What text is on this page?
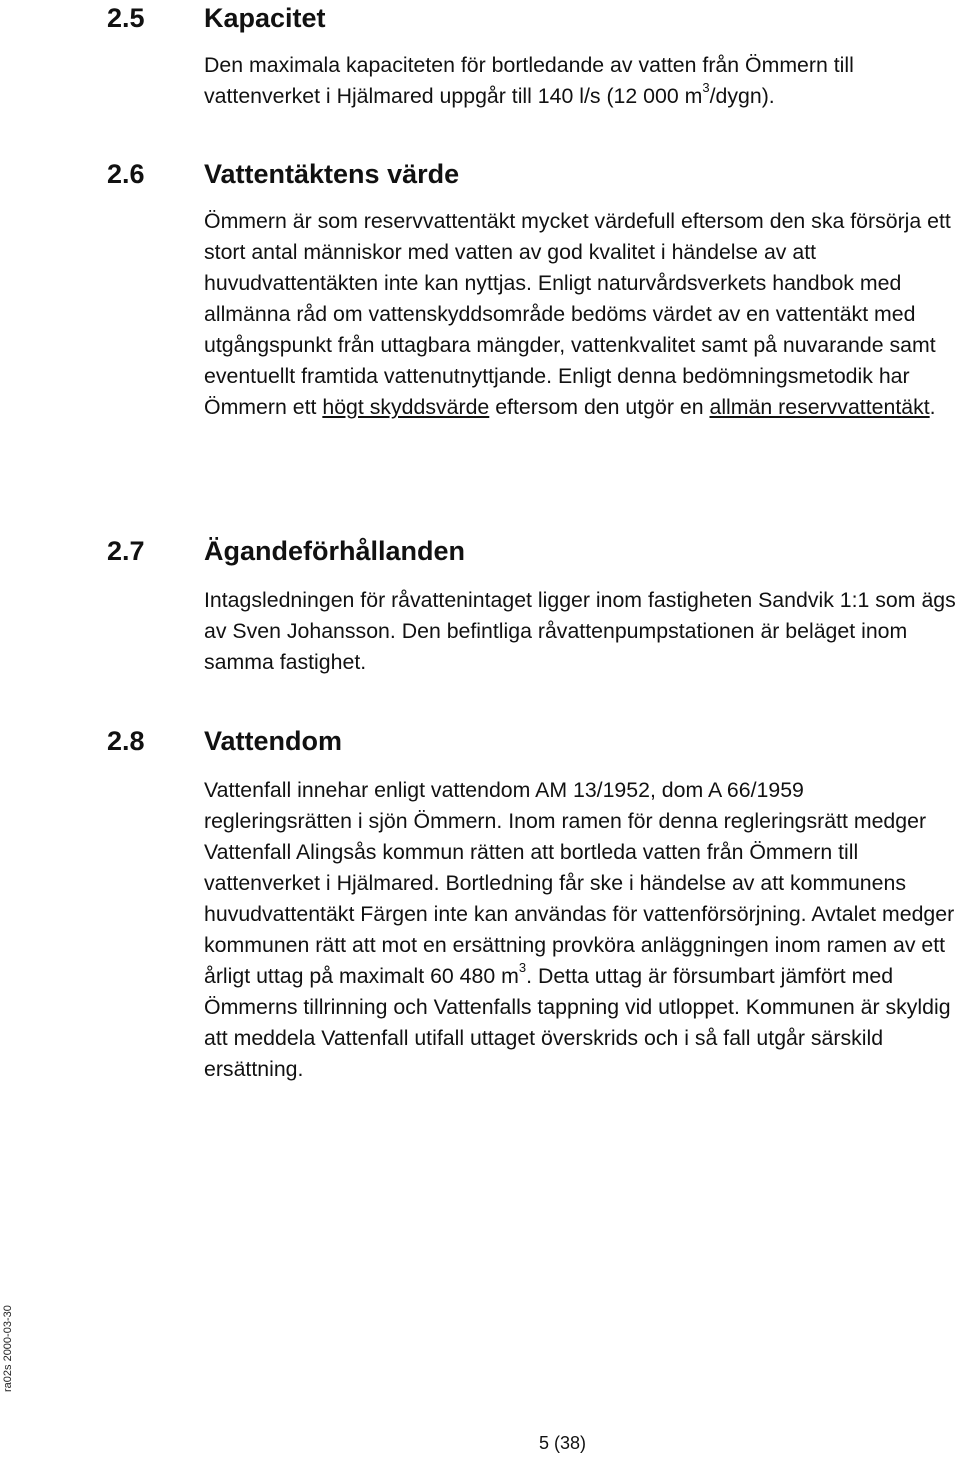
2.5 Kapacitet

Den maximala kapaciteten för bortledande av vatten från Ömmern till vattenverket i Hjälmared uppgår till 140 l/s (12 000 $m^3/dygn$).

2.6 Vattentäktens värde

Ömmern är som reservvattentäkt mycket värdefull eftersom den ska försörja ett stort antal människor med vatten av god kvalitet i händelse av att huvudvattentäkten inte kan nyttjas. Enligt naturvårdsverkets handbok med allmänna råd om vattenskyddsområde bedöms värdet av en vattentäkt med utgångspunkt från uttagbara mängder, vattenkvalitet samt på nuvarande samt eventuellt framtida vattenutnyttjande. Enligt denna bedömningsmetodik har Ömmern ett högt skyddsvärde eftersom den utgör en allmän reservvattentäkt.

2.7 Ägandeförhållanden

Intagsledningen för råvattenintaget ligger inom fastigheten Sandvik 1:1 som ägs av Sven Johansson. Den befintliga råvattenpumpstationen är beläget inom samma fastighet.

2.8 Vattendom

Vattenfall innehar enligt vattendom AM 13/1952, dom A 66/1959 regleringsrätten i sjön Ömmern. Inom ramen för denna regleringsrätt medger Vattenfall Alingsås kommun rätten att bortleda vatten från Ömmern till vattenverket i Hjälmared. Bortledning får ske i händelse av att kommunens huvudvattentäkt Färgen inte kan användas för vattenförsörjning. Avtalet medger kommunen rätt att mot en ersättning provköra anläggningen inom ramen av ett årligt uttag på maximalt 60 480 $m^3$. Detta uttag är försumbart jämfört med Ömmerns tillrinning och Vattenfalls tappning vid utloppet. Kommunen är skyldig att meddela Vattenfall utifall uttaget överskrids och i så fall utgår särskild ersättning.

ra02s 2000-03-30
5 (38)
